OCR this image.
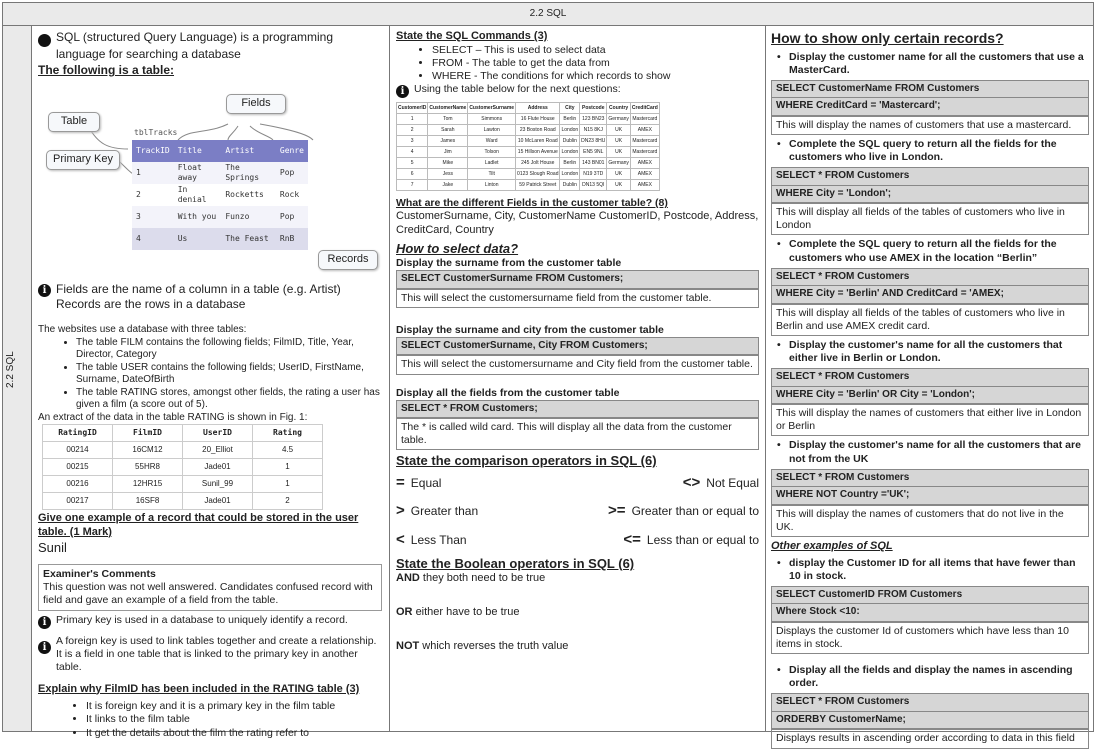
2.2 SQL
2.2 SQL
i SQL (structured Query Language) is a programming language for searching a database
The following is a table:
Fields
Table
Primary Key
Records
tblTracks
TrackID	Title	Artist	Genre
1	Float away	The Springs	Pop
2	In denial	Rocketts	Rock
3	With you	Funzo	Pop
4	Us	The Feast	RnB
i Fields are the name of a column in a table (e.g. Artist)
Records are the rows in a database
The websites use a database with three tables:
• The table FILM contains the following fields; FilmID, Title, Year, Director, Category
• The table USER contains the following fields; UserID, FirstName, Surname, DateOfBirth
• The table RATING stores, amongst other fields, the rating a user has given a film (a score out of 5).
An extract of the data in the table RATING is shown in Fig. 1:
RatingID	FilmID	UserID	Rating
00214	16CM12	20_Elliot	4.5
00215	55HR8	Jade01	1
00216	12HR15	Sunil_99	1
00217	16SF8	Jade01	2
Give one example of a record that could be stored in the user table. (1 Mark)
Sunil
Examiner's Comments
This question was not well answered. Candidates confused record with field and gave an example of a field from the table.
i Primary key is used in a database to uniquely identify a record.
i
A foreign key is used to link tables together and create a relationship. It is a field in one table that is linked to the primary key in another table.
Explain why FilmID has been included in the RATING table (3)
• It is foreign key and it is a primary key in the film table
• It links to the film table
• It get the details about the film the rating refer to
State the SQL Commands (3)
• SELECT – This is used to select data
• FROM - The table to get the data from
• WHERE - The conditions for which records to show
i Using the table below for the next questions:
CustomerID	CustomerName	CustomerSurname	Address	City	Postcode	Country	CreditCard
1	Tom	Simmons	16 Flute House	Berlin	123 BN23	Germany	Mastercard
2	Sarah	Lawton	23 Boston Road	London	N15 8KJ	UK	AMEX
3	James	Ward	10 McLaren Road	Dublin	DN23 8HU	UK	Mastercard
4	Jim	Tolson	15 Hillson Avenue	London	EN5 9NL	UK	Mastercard
5	Mike	Ladlet	245 Jolt House	Berlin	143 BN01	Germany	AMEX
6	Jess	Tilt	0123 Slough Road	London	N19 3TD	UK	AMEX
7	Jake	Linton	59 Patrick Street	Dublin	DN13 5QI	UK	AMEX
What are the different Fields in the customer table? (8)
CustomerSurname, City, CustomerName CustomerID, Postcode, Address, CreditCard, Country
How to select data?
Display the surname from the customer table
SELECT CustomerSurname FROM Customers;
This will select the customersurname field from the customer table.
Display the surname and city from the customer table
SELECT CustomerSurname, City FROM Customers;
This will select the customersurname and City field from the customer table.
Display all the fields from the customer table
SELECT * FROM Customers;
The * is called wild card. This will display all the data from the customer table.
State the comparison operators in SQL (6)
= Equal	<> Not Equal
> Greater than	>= Greater than or equal to
< Less Than	<= Less than or equal to
State the Boolean operators in SQL (6)
AND they both need to be true
OR either have to be true
NOT which reverses the truth value
How to show only certain records?
• Display the customer name for all the customers that use a MasterCard.
SELECT CustomerName FROM Customers
WHERE CreditCard = 'Mastercard';
This will display the names of customers that use a mastercard.
• Complete the SQL query to return all the fields for the customers who live in London.
SELECT * FROM Customers
WHERE City = 'London';
This will display all fields of the tables of customers who live in London
• Complete the SQL query to return all the fields for the customers who use AMEX in the location “Berlin”
SELECT * FROM Customers
WHERE City = 'Berlin' AND CreditCard = 'AMEX;
This will display all fields of the tables of customers who live in Berlin and use AMEX credit card.
• Display the customer's name for all the customers that either live in Berlin or London.
SELECT * FROM Customers
WHERE City = 'Berlin' OR City = 'London';
This will display the names of customers that either live in London or Berlin
• Display the customer's name for all the customers that are not from the UK
SELECT * FROM Customers
WHERE NOT Country ='UK';
This will display the names of customers that do not live in the UK.
Other examples of SQL
• display the Customer ID for all items that have fewer than 10 in stock.
SELECT CustomerID FROM Customers
Where Stock <10:
Displays the customer Id of customers which have less than 10 items in stock.
• Display all the fields and display the names in ascending order.
SELECT * FROM Customers
ORDERBY CustomerName;
Displays results in ascending order according to data in this field
